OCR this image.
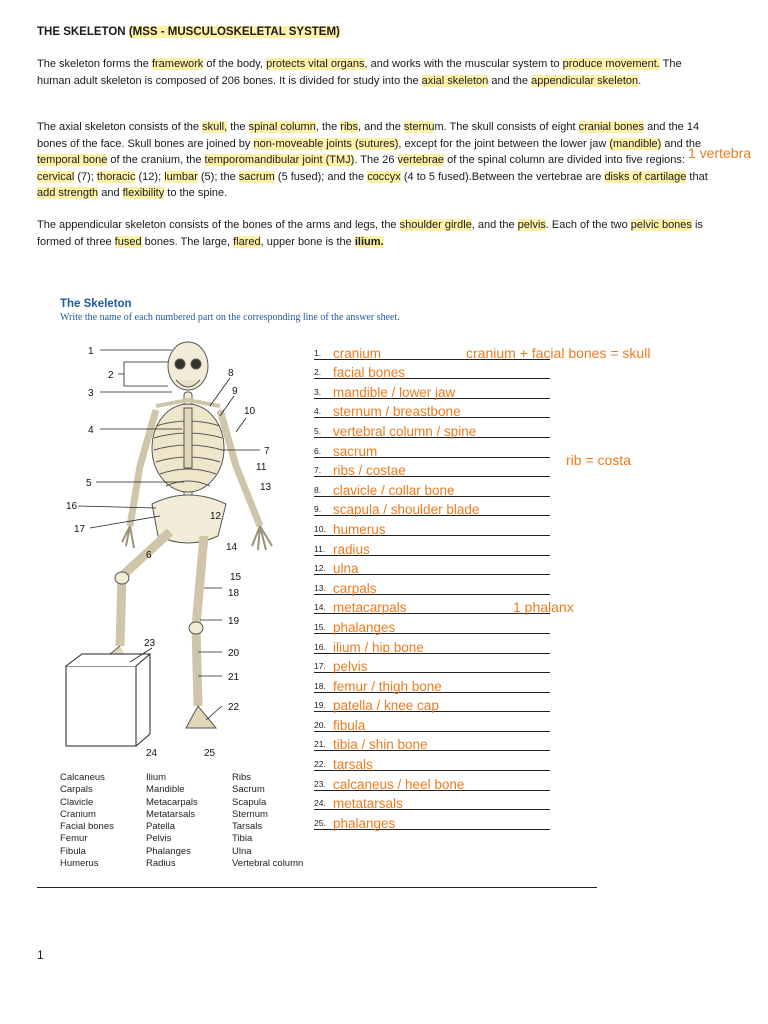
THE SKELETON (MSS - MUSCULOSKELETAL SYSTEM)
The skeleton forms the framework of the body, protects vital organs, and works with the muscular system to produce movement. The human adult skeleton is composed of 206 bones. It is divided for study into the axial skeleton and the appendicular skeleton.
The axial skeleton consists of the skull, the spinal column, the ribs, and the sternum. The skull consists of eight cranial bones and the 14 bones of the face. Skull bones are joined by non-moveable joints (sutures), except for the joint between the lower jaw (mandible) and the temporal bone of the cranium, the temporomandibular joint (TMJ). The 26 vertebrae of the spinal column are divided into five regions: cervical (7); thoracic (12); lumbar (5); the sacrum (5 fused); and the coccyx (4 to 5 fused).Between the vertebrae are disks of cartilage that add strength and flexibility to the spine.
The appendicular skeleton consists of the bones of the arms and legs, the shoulder girdle, and the pelvis. Each of the two pelvic bones is formed of three fused bones. The large, flared, upper bone is the ilium.
1 vertebra
The Skeleton
Write the name of each numbered part on the corresponding line of the answer sheet.
1
2
3
4
5
6
7
8
9
10
11
12
13
14
15
16
17
18
19
20
21
22
23
24	25
1. cranium
2. facial bones
3. mandible / lower jaw
4. sternum / breastbone
5. vertebral column / spine
6. sacrum
7. ribs / costae
8. clavicle / collar bone
9. scapula / shoulder blade
10. humerus
11. radius
12. ulna
13. carpals
14. metacarpals
15. phalanges
16. ilium / hip bone
17. pelvis
18. femur / thigh bone
19. patella / knee cap
20. fibula
21. tibia / shin bone
22. tarsals
23. calcaneus / heel bone
24. metatarsals
25. phalanges
cranium + facial bones = skull
rib = costa
1 phalanx
Calcaneus
Carpals
Clavicle
Cranium
Facial bones
Femur
Fibula
Humerus
Ilium
Mandible
Metacarpals
Metatarsals
Patella
Pelvis
Phalanges
Radius
Ribs
Sacrum
Scapula
Sternum
Tarsals
Tibia
Ulna
Vertebral column
1
